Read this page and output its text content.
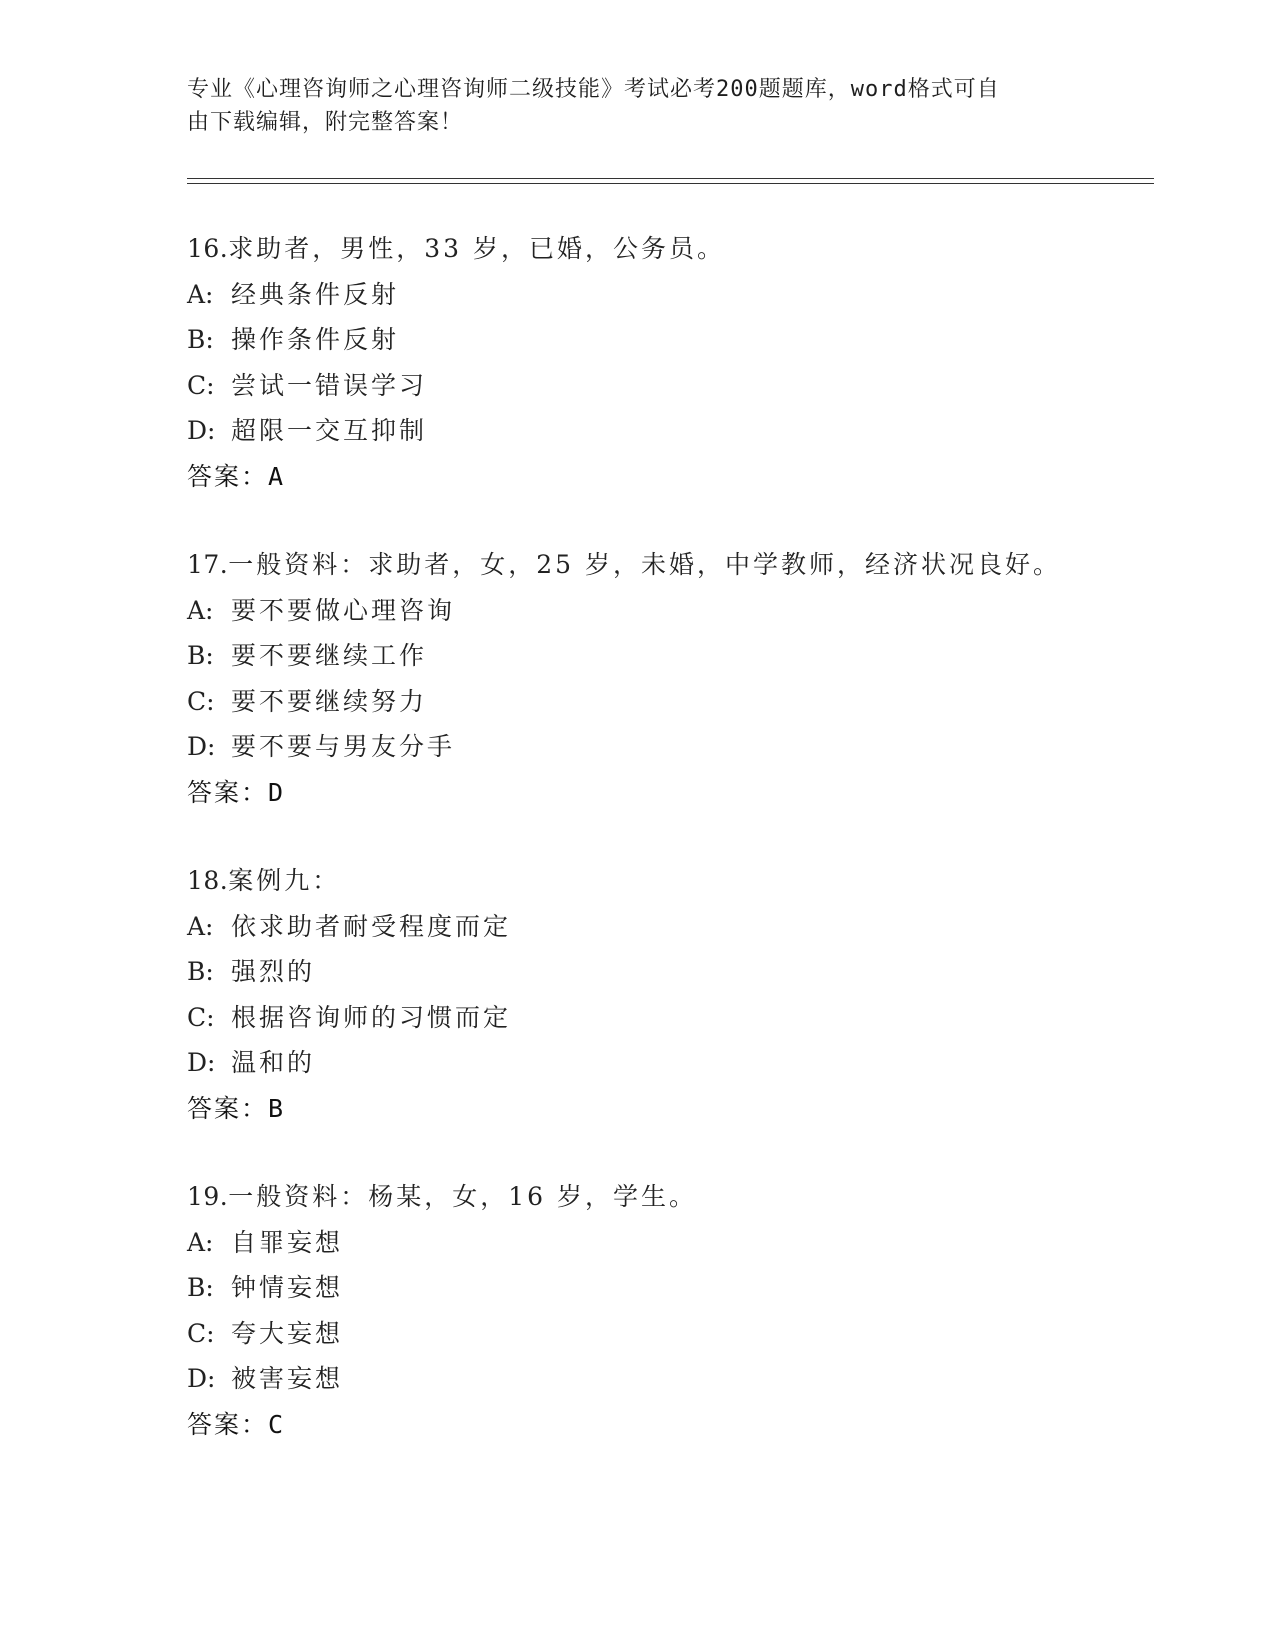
专业《心理咨询师之心理咨询师二级技能》考试必考200题题库，word格式可自
由下载编辑，附完整答案！
16.求助者，男性，33 岁，已婚，公务员。
A: 经典条件反射
B: 操作条件反射
C: 尝试一错误学习
D: 超限一交互抑制
答案：A
17.一般资料：求助者，女，25 岁，未婚，中学教师，经济状况良好。
A: 要不要做心理咨询
B: 要不要继续工作
C: 要不要继续努力
D: 要不要与男友分手
答案：D
18.案例九：
A: 依求助者耐受程度而定
B: 强烈的
C: 根据咨询师的习惯而定
D: 温和的
答案：B
19.一般资料：杨某，女，16 岁，学生。
A: 自罪妄想
B: 钟情妄想
C: 夸大妄想
D: 被害妄想
答案：C
